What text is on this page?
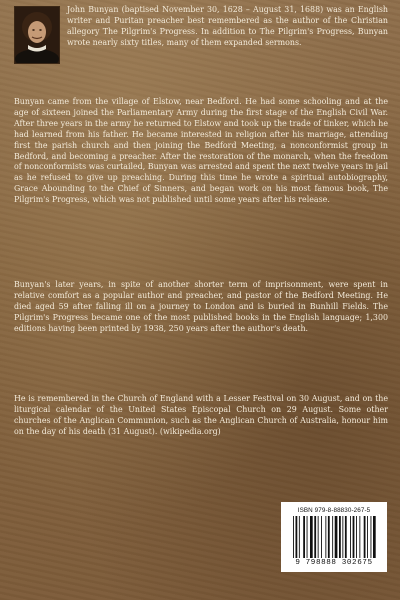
John Bunyan (baptised November 30, 1628 – August 31, 1688) was an English writer and Puritan preacher best remembered as the author of the Christian allegory The Pilgrim's Progress. In addition to The Pilgrim's Progress, Bunyan wrote nearly sixty titles, many of them expanded sermons.

Bunyan came from the village of Elstow, near Bedford. He had some schooling and at the age of sixteen joined the Parliamentary Army during the first stage of the English Civil War. After three years in the army he returned to Elstow and took up the trade of tinker, which he had learned from his father. He became interested in religion after his marriage, attending first the parish church and then joining the Bedford Meeting, a nonconformist group in Bedford, and becoming a preacher. After the restoration of the monarch, when the freedom of nonconformists was curtailed, Bunyan was arrested and spent the next twelve years in jail as he refused to give up preaching. During this time he wrote a spiritual autobiography, Grace Abounding to the Chief of Sinners, and began work on his most famous book, The Pilgrim's Progress, which was not published until some years after his release.

Bunyan's later years, in spite of another shorter term of imprisonment, were spent in relative comfort as a popular author and preacher, and pastor of the Bedford Meeting. He died aged 59 after falling ill on a journey to London and is buried in Bunhill Fields. The Pilgrim's Progress became one of the most published books in the English language; 1,300 editions having been printed by 1938, 250 years after the author's death.

He is remembered in the Church of England with a Lesser Festival on 30 August, and on the liturgical calendar of the United States Episcopal Church on 29 August. Some other churches of the Anglican Communion, such as the Anglican Church of Australia, honour him on the day of his death (31 August). (wikipedia.org)

ISBN 979-8-88830-267-5
9 798888 302675
